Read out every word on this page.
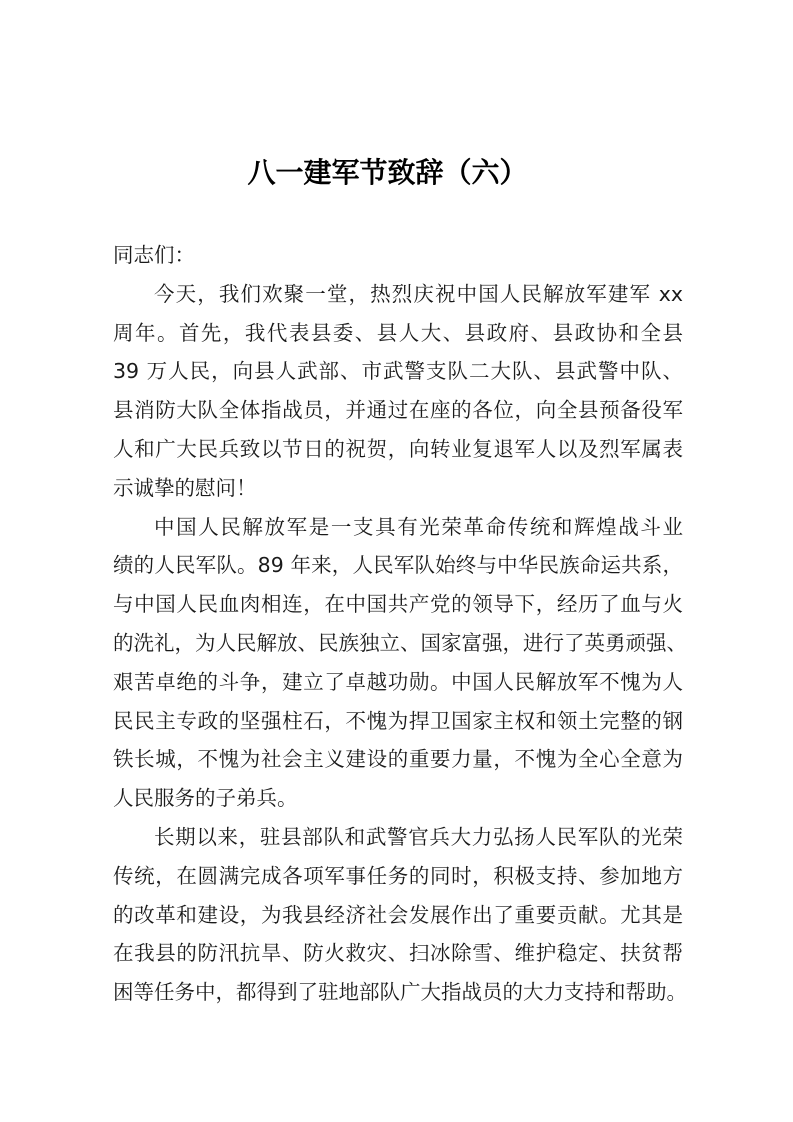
八一建军节致辞（六）
同志们：
今天，我们欢聚一堂，热烈庆祝中国人民解放军建军 xx
周年。首先，我代表县委、县人大、县政府、县政协和全县
39 万人民，向县人武部、市武警支队二大队、县武警中队、
县消防大队全体指战员，并通过在座的各位，向全县预备役军
人和广大民兵致以节日的祝贺，向转业复退军人以及烈军属表
示诚挚的慰问！
中国人民解放军是一支具有光荣革命传统和辉煌战斗业
绩的人民军队。89 年来，人民军队始终与中华民族命运共系，
与中国人民血肉相连，在中国共产党的领导下，经历了血与火
的洗礼，为人民解放、民族独立、国家富强，进行了英勇顽强、
艰苦卓绝的斗争，建立了卓越功勋。中国人民解放军不愧为人
民民主专政的坚强柱石，不愧为捍卫国家主权和领土完整的钢
铁长城，不愧为社会主义建设的重要力量，不愧为全心全意为
人民服务的子弟兵。
长期以来，驻县部队和武警官兵大力弘扬人民军队的光荣
传统，在圆满完成各项军事任务的同时，积极支持、参加地方
的改革和建设，为我县经济社会发展作出了重要贡献。尤其是
在我县的防汛抗旱、防火救灾、扫冰除雪、维护稳定、扶贫帮
困等任务中，都得到了驻地部队广大指战员的大力支持和帮助。
